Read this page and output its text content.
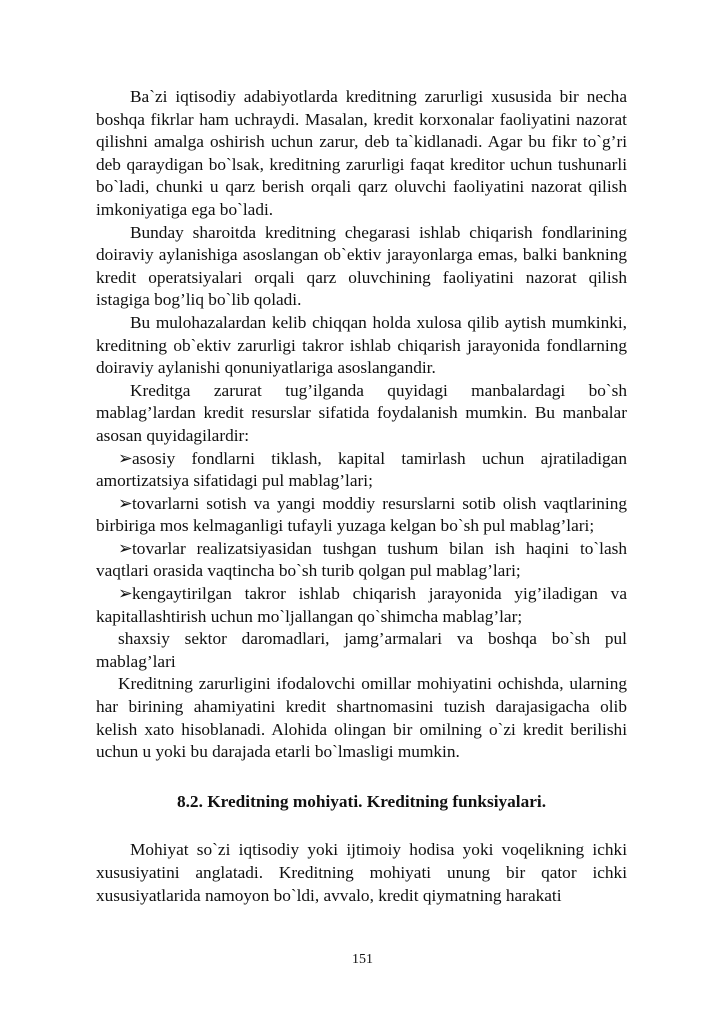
Ba`zi iqtisodiy adabiyotlarda kreditning zarurligi xususida bir necha boshqa fikrlar ham uchraydi. Masalan, kredit korxonalar faoliyatini nazorat qilishni amalga oshirish uchun zarur, deb ta`kidlanadi. Agar bu fikr to`g’ri deb qaraydigan bo`lsak, kreditning zarurligi faqat kreditor uchun tushunarli bo`ladi, chunki u qarz berish orqali qarz oluvchi faoliyatini nazorat qilish imkoniyatiga ega bo`ladi.

Bunday sharoitda kreditning chegarasi ishlab chiqarish fondlarining doiraviy aylanishiga asoslangan ob`ektiv jarayonlarga emas, balki bankning kredit operatsiyalari orqali qarz oluvchining faoliyatini nazorat qilish istagiga bog’liq bo`lib qoladi.

Bu mulohazalardan kelib chiqqan holda xulosa qilib aytish mumkinki, kreditning ob`ektiv zarurligi takror ishlab chiqarish jarayonida fondlarning doiraviy aylanishi qonuniyatlariga asoslangandir.

Kreditga zarurat tug’ilganda quyidagi manbalardagi bo`sh mablag’lardan kredit resurslar sifatida foydalanish mumkin. Bu manbalar asosan quyidagilardir:

➢asosiy fondlarni tiklash, kapital tamirlash uchun ajratiladigan amortizatsiya sifatidagi pul mablag’lari;

➢tovarlarni sotish va yangi moddiy resurslarni sotib olish vaqtlarining birbiriga mos kelmaganligi tufayli yuzaga kelgan bo`sh pul mablag’lari;

➢tovarlar realizatsiyasidan tushgan tushum bilan ish haqini to`lash vaqtlari orasida vaqtincha bo`sh turib qolgan pul mablag’lari;

➢kengaytirilgan takror ishlab chiqarish jarayonida yig’iladigan va kapitallashtirish uchun mo`ljallangan qo`shimcha mablag’lar;

shaxsiy sektor daromadlari, jamg’armalari va boshqa bo`sh pul mablag’lari

Kreditning zarurligini ifodalovchi omillar mohiyatini ochishda, ularning har birining ahamiyatini kredit shartnomasini tuzish darajasigacha olib kelish xato hisoblanadi. Alohida olingan bir omilning o`zi kredit berilishi uchun u yoki bu darajada etarli bo`lmasligi mumkin.

8.2. Kreditning mohiyati. Kreditning funksiyalari.

Mohiyat so`zi iqtisodiy yoki ijtimoiy hodisa yoki voqelikning ichki xususiyatini anglatadi. Kreditning mohiyati unung bir qator ichki xususiyatlarida namoyon bo`ldi, avvalo, kredit qiymatning harakati

151
